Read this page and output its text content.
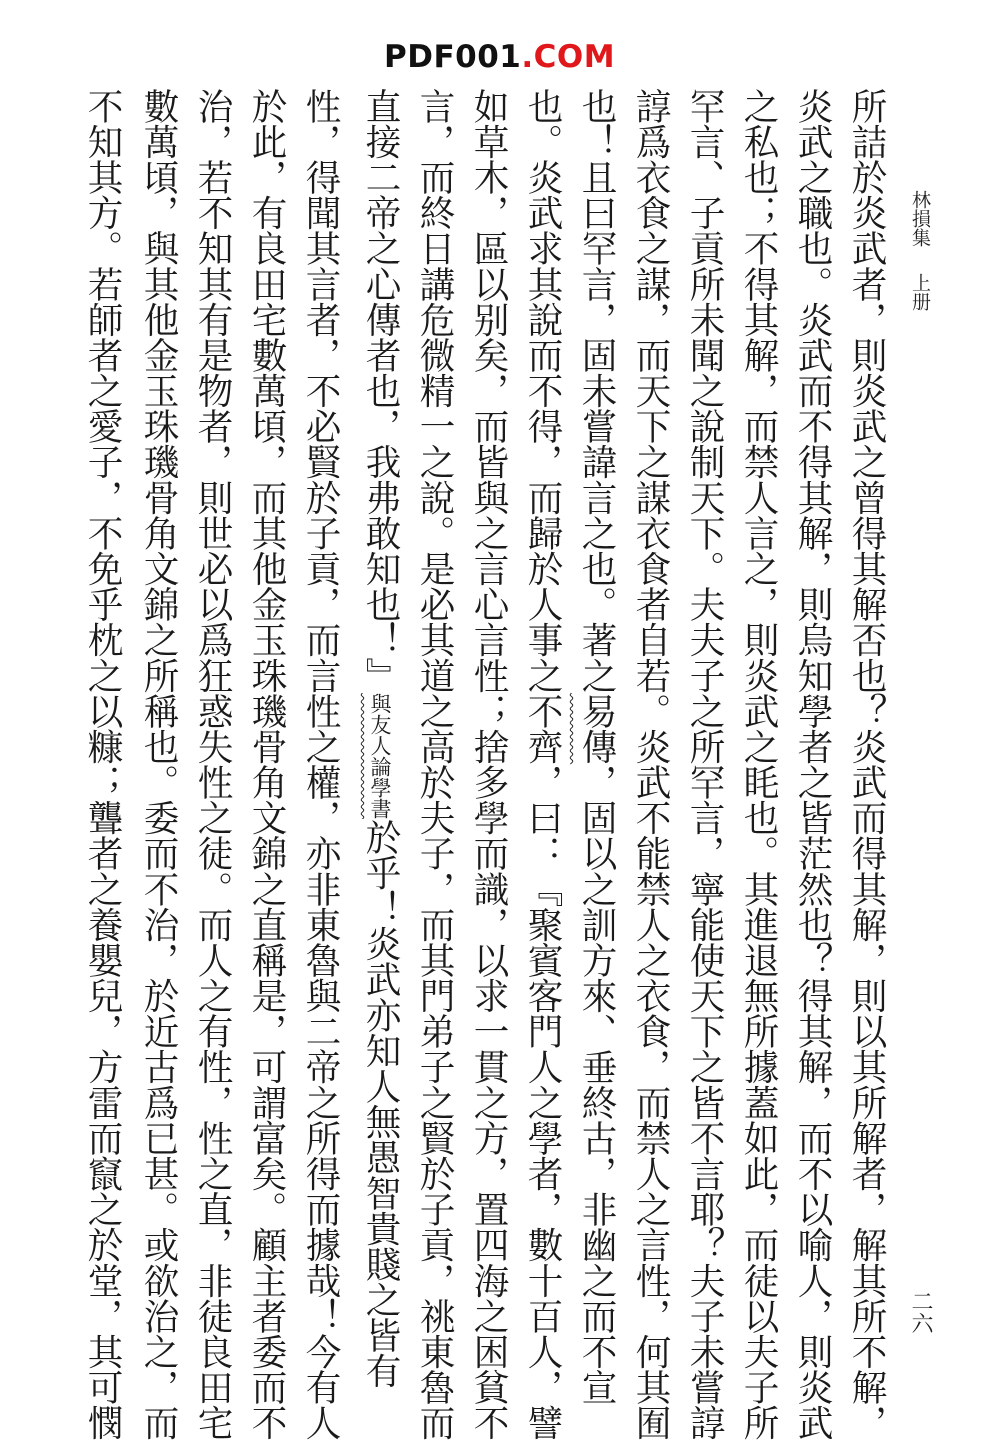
PDF001.COM
林損集上册
二六
所詰於炎武者，則炎武之曾得其解否也？炎武而得其解，則以其所解者，解其所不解，
炎武之職也。炎武而不得其解，則烏知學者之皆茫然也？得其解，而不以喻人，則炎武
之私也；不得其解，而禁人言之，則炎武之眊也。其進退無所據蓋如此，而徒以夫子所
罕言、子貢所未聞之說制天下。夫夫子之所罕言，寧能使天下之皆不言耶？夫子未嘗諄
諄爲衣食之謀，而天下之謀衣食者自若。炎武不能禁人之衣食，而禁人之言性，何其囿
也！且曰罕言，固未嘗諱言之也。著之易傳，固以之訓方來、垂終古，非幽之而不宣
也。炎武求其說而不得，而歸於人事之不齊，曰：『聚賓客門人之學者，數十百人，譬
如草木，區以别矣，而皆與之言心言性；捨多學而識，以求一貫之方，置四海之困貧不
言，而終日講危微精一之說。是必其道之高於夫子，而其門弟子之賢於子貢，祧東魯而
直接二帝之心傳者也，我弗敢知也！』與友人論學書於乎！炎武亦知人無愚智貴賤之皆有
性，得聞其言者，不必賢於子貢，而言性之權，亦非東魯與二帝之所得而據哉！今有人
於此，有良田宅數萬頃，而其他金玉珠璣骨角文錦之直稱是，可謂富矣。顧主者委而不
治，若不知其有是物者，則世必以爲狂惑失性之徒。而人之有性，性之直，非徒良田宅
數萬頃，與其他金玉珠璣骨角文錦之所稱也。委而不治，於近古爲已甚。或欲治之，而
不知其方。若師者之愛子，不免乎枕之以糠；聾者之養嬰兒，方雷而竄之於堂，其可憫
